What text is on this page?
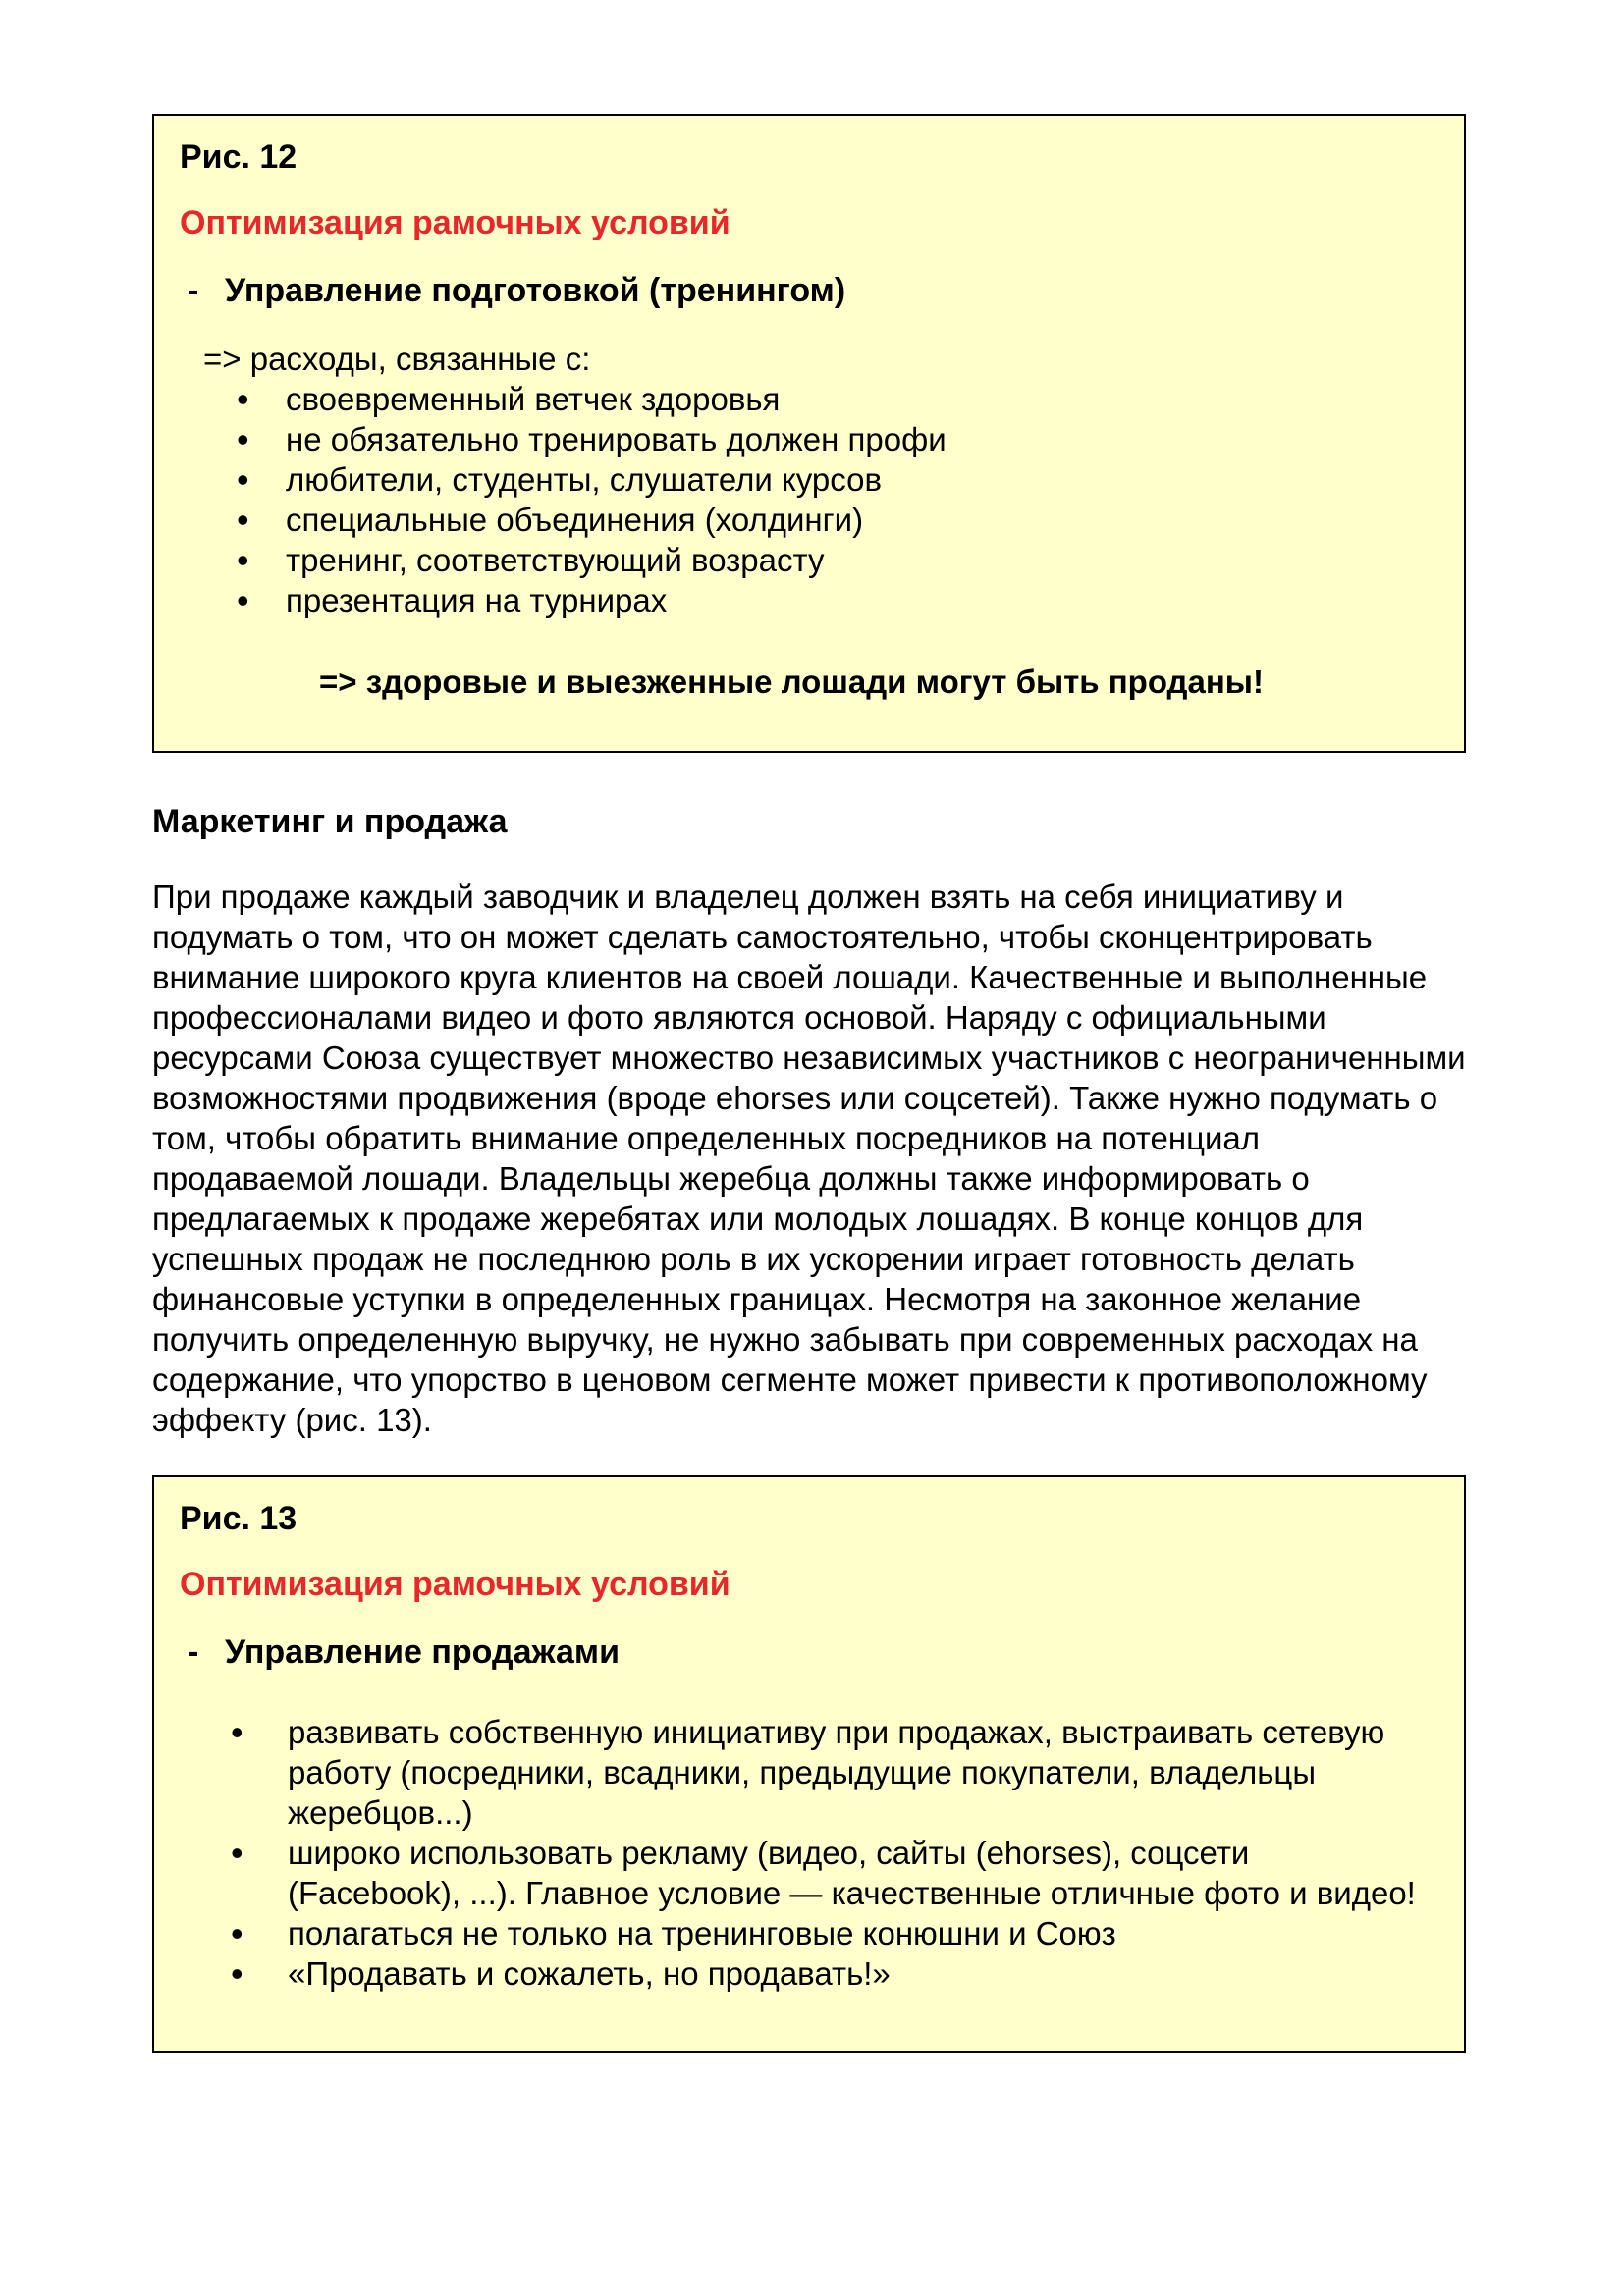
Рис. 12
Оптимизация рамочных условий
- Управление подготовкой (тренингом)
=> расходы, связанные с:
• своевременный ветчек здоровья
• не обязательно тренировать должен профи
• любители, студенты, слушатели курсов
• специальные объединения (холдинги)
• тренинг, соответствующий возрасту
• презентация на турнирах
=> здоровые и выезженные лошади могут быть проданы!
Маркетинг и продажа

При продаже каждый заводчик и владелец должен взять на себя инициативу и подумать о том, что он может сделать самостоятельно, чтобы сконцентрировать внимание широкого круга клиентов на своей лошади. Качественные и выполненные профессионалами видео и фото являются основой. Наряду с официальными ресурсами Союза существует множество независимых участников с неограниченными возможностями продвижения (вроде ehorses или соцсетей). Также нужно подумать о том, чтобы обратить внимание определенных посредников на потенциал продаваемой лошади. Владельцы жеребца должны также информировать о предлагаемых к продаже жеребятах или молодых лошадях. В конце концов для успешных продаж не последнюю роль в их ускорении играет готовность делать финансовые уступки в определенных границах. Несмотря на законное желание получить определенную выручку, не нужно забывать при современных расходах на содержание, что упорство в ценовом сегменте может привести к противоположному эффекту (рис. 13).

Рис. 13
Оптимизация рамочных условий
- Управление продажами
• развивать собственную инициативу при продажах, выстраивать сетевую работу (посредники, всадники, предыдущие покупатели, владельцы жеребцов...)
• широко использовать рекламу (видео, сайты (ehorses), соцсети (Facebook), ...). Главное условие — качественные отличные фото и видео!
• полагаться не только на тренинговые конюшни и Союз
• «Продавать и сожалеть, но продавать!»
